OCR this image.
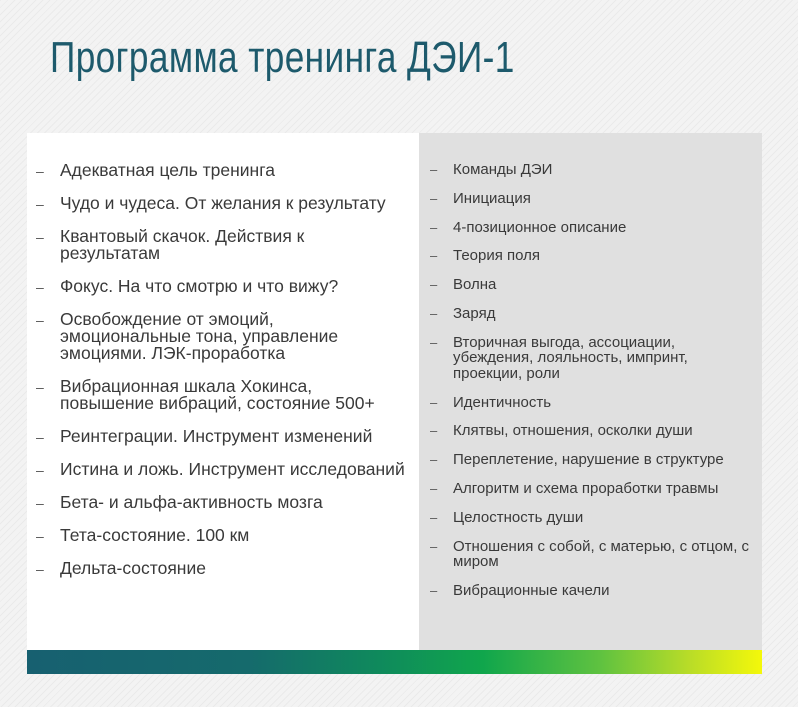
Программа тренинга ДЭИ-1
– Адекватная цель тренинга
– Чудо и чудеса. От желания к результату
– Квантовый скачок. Действия к результатам
– Фокус. На что смотрю и что вижу?
– Освобождение от эмоций, эмоциональные тона, управление эмоциями. ЛЭК-проработка
– Вибрационная шкала Хокинса, повышение вибраций, состояние 500+
– Реинтеграции. Инструмент изменений
– Истина и ложь. Инструмент исследований
– Бета- и альфа-активность мозга
– Тета-состояние. 100 км
– Дельта-состояние
– Команды ДЭИ
– Инициация
– 4-позиционное описание
– Теория поля
– Волна
– Заряд
– Вторичная выгода, ассоциации, убеждения, лояльность, импринт, проекции, роли
– Идентичность
– Клятвы, отношения, осколки души
– Переплетение, нарушение в структуре
– Алгоритм и схема проработки травмы
– Целостность души
– Отношения с собой, с матерью, с отцом, с миром
– Вибрационные качели
